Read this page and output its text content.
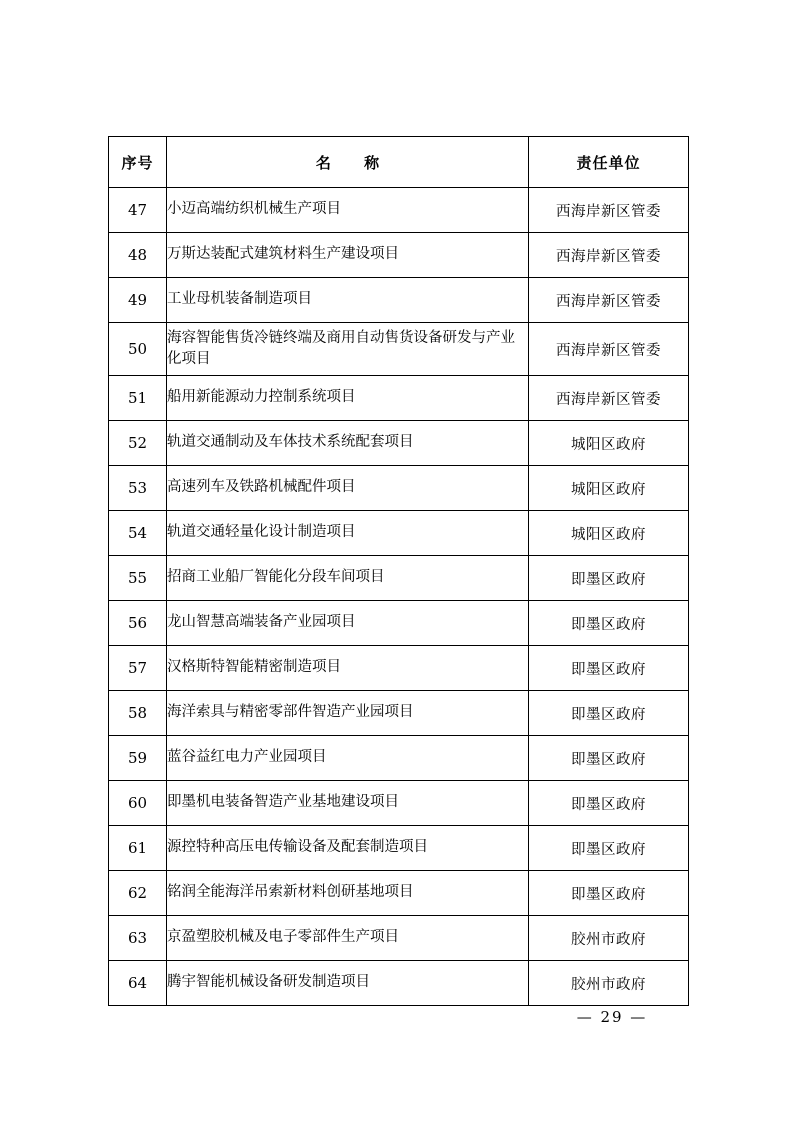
序号	名 称	责任单位
47	小迈高端纺织机械生产项目	西海岸新区管委
48	万斯达装配式建筑材料生产建设项目	西海岸新区管委
49	工业母机装备制造项目	西海岸新区管委
50	海容智能售货冷链终端及商用自动售货设备研发与产业化项目	西海岸新区管委
51	船用新能源动力控制系统项目	西海岸新区管委
52	轨道交通制动及车体技术系统配套项目	城阳区政府
53	高速列车及铁路机械配件项目	城阳区政府
54	轨道交通轻量化设计制造项目	城阳区政府
55	招商工业船厂智能化分段车间项目	即墨区政府
56	龙山智慧高端装备产业园项目	即墨区政府
57	汉格斯特智能精密制造项目	即墨区政府
58	海洋索具与精密零部件智造产业园项目	即墨区政府
59	蓝谷益红电力产业园项目	即墨区政府
60	即墨机电装备智造产业基地建设项目	即墨区政府
61	源控特种高压电传输设备及配套制造项目	即墨区政府
62	铭润全能海洋吊索新材料创研基地项目	即墨区政府
63	京盈塑胶机械及电子零部件生产项目	胶州市政府
64	腾宇智能机械设备研发制造项目	胶州市政府
— 29 —
